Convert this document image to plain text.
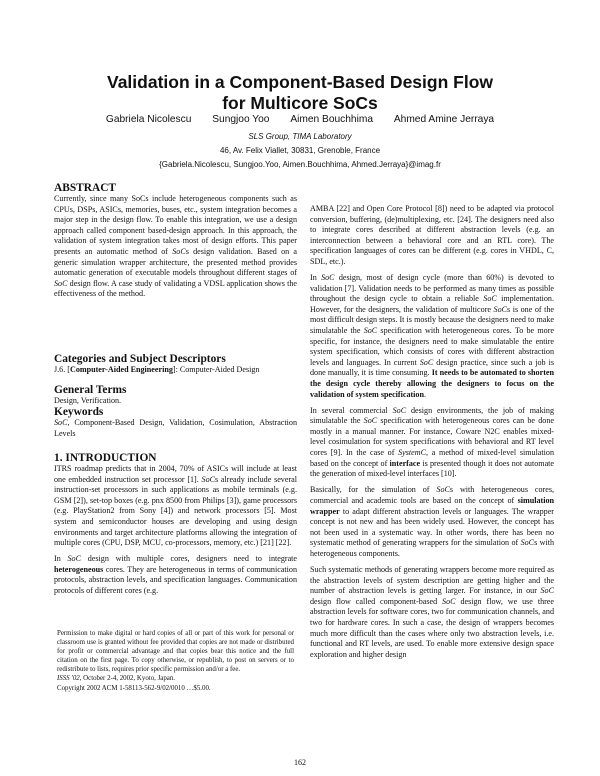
Validation in a Component-Based Design Flow
for Multicore SoCs
Gabriela Nicolescu Sungjoo Yoo Aimen Bouchhima Ahmed Amine Jerraya
SLS Group, TIMA Laboratory
46, Av. Felix Viallet, 30831, Grenoble, France
{Gabriela.Nicolescu, Sungjoo.Yoo, Aimen.Bouchhima, Ahmed.Jerraya}@imag.fr
ABSTRACT

Currently, since many SoCs include heterogeneous components such as CPUs, DSPs, ASICs, memories, buses, etc., system integration becomes a major step in the design flow. To enable this integration, we use a design approach called component based-design approach. In this approach, the validation of system integration takes most of design efforts. This paper presents an automatic method of SoCs design validation. Based on a generic simulation wrapper architecture, the presented method provides automatic generation of executable models throughout different stages of SoC design flow. A case study of validating a VDSL application shows the effectiveness of the method.

Categories and Subject Descriptors

J.6. [Computer-Aided Engineering]: Computer-Aided Design

General Terms

Design, Verification.

Keywords

SoC, Component-Based Design, Validation, Cosimulation, Abstraction Levels

1. INTRODUCTION

ITRS roadmap predicts that in 2004, 70% of ASICs will include at least one embedded instruction set processor [1]. SoCs already include several instruction-set processors in such applications as mobile terminals (e.g. GSM [2]), set-top boxes (e.g. pnx 8500 from Philips [3]), game processors (e.g. PlayStation2 from Sony [4]) and network processors [5]. Most system and semiconductor houses are developing and using design environments and target architecture platforms allowing the integration of multiple cores (CPU, DSP, MCU, co-processors, memory, etc.) [21] [22].

In SoC design with multiple cores, designers need to integrate heterogeneous cores. They are heterogeneous in terms of communication protocols, abstraction levels, and specification languages. Communication protocols of different cores (e.g.

Permission to make digital or hard copies of all or part of this work for personal or classroom use is granted without fee provided that copies are not made or distributed for profit or commercial advantage and that copies bear this notice and the full citation on the first page. To copy otherwise, or republish, to post on servers or to redistribute to lists, requires prior specific permission and/or a fee.
ISSS '02, October 2-4, 2002, Kyoto, Japan.
Copyright 2002 ACM 1-58113-562-9/02/0010 …$5.00.

AMBA [22] and Open Core Protocol [8]) need to be adapted via protocol conversion, buffering, (de)multiplexing, etc. [24]. The designers need also to integrate cores described at different abstraction levels (e.g. an interconnection between a behavioral core and an RTL core). The specification languages of cores can be different (e.g. cores in VHDL, C, SDL, etc.).

In SoC design, most of design cycle (more than 60%) is devoted to validation [7]. Validation needs to be performed as many times as possible throughout the design cycle to obtain a reliable SoC implementation. However, for the designers, the validation of multicore SoCs is one of the most difficult design steps. It is mostly because the designers need to make simulatable the SoC specification with heterogeneous cores. To be more specific, for instance, the designers need to make simulatable the entire system specification, which consists of cores with different abstraction levels and languages. In current SoC design practice, since such a job is done manually, it is time consuming. It needs to be automated to shorten the design cycle thereby allowing the designers to focus on the validation of system specification.

In several commercial SoC design environments, the job of making simulatable the SoC specification with heterogeneous cores can be done mostly in a manual manner. For instance, Coware N2C enables mixed-level cosimulation for system specifications with behavioral and RT level cores [9]. In the case of SystemC, a method of mixed-level simulation based on the concept of interface is presented though it does not automate the generation of mixed-level interfaces [10].

Basically, for the simulation of SoCs with heterogeneous cores, commercial and academic tools are based on the concept of simulation wrapper to adapt different abstraction levels or languages. The wrapper concept is not new and has been widely used. However, the concept has not been used in a systematic way. In other words, there has been no systematic method of generating wrappers for the simulation of SoCs with heterogeneous components.

Such systematic methods of generating wrappers become more required as the abstraction levels of system description are getting higher and the number of abstraction levels is getting larger. For instance, in our SoC design flow called component-based SoC design flow, we use three abstraction levels for software cores, two for communication channels, and two for hardware cores. In such a case, the design of wrappers becomes much more difficult than the cases where only two abstraction levels, i.e. functional and RT levels, are used. To enable more extensive design space exploration and higher design

162
